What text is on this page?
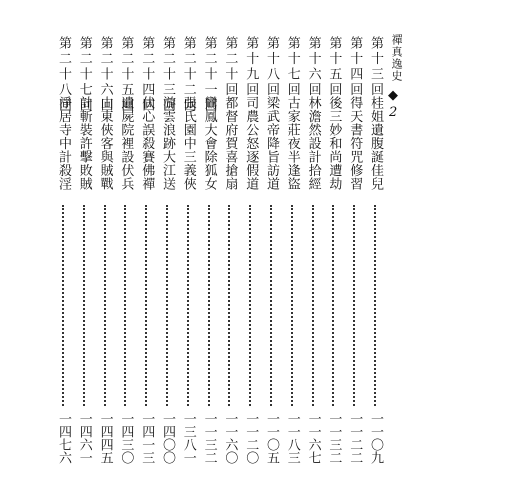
禪真逸史
◆
2
第十三回
桂姐遺腹誕佳兒
一一〇九
第十四回
得天書符咒修習
一一二二
第十五回
後三妙和尚遭劫
一一三二
第十六回
林澹然設計拾經
一一六七
第十七回
古家莊夜半逢盜
一一八三
第十八回
梁武帝降旨訪道
一一〇五
第十九回
司農公怒逐假道
一一二〇
第二十回
都督府賀喜搶扇
一一六〇
第二十一回
鸞鳳大會除狐女
一一三二
第二十二回
張氏園中三義俠
一三八一
第二十三回
游雲浪跡大江送
一四〇〇
第二十四回
伏心誤殺賽佛禪
一四一三
第二十五回
遺屍院裡設伏兵
一四三〇
第二十六回
山東俠客與賊戰
一四四五
第二十七回
計斬裝許擊敗賊
一四六一
第二十八回
淨居寺中計殺淫
一四七六
